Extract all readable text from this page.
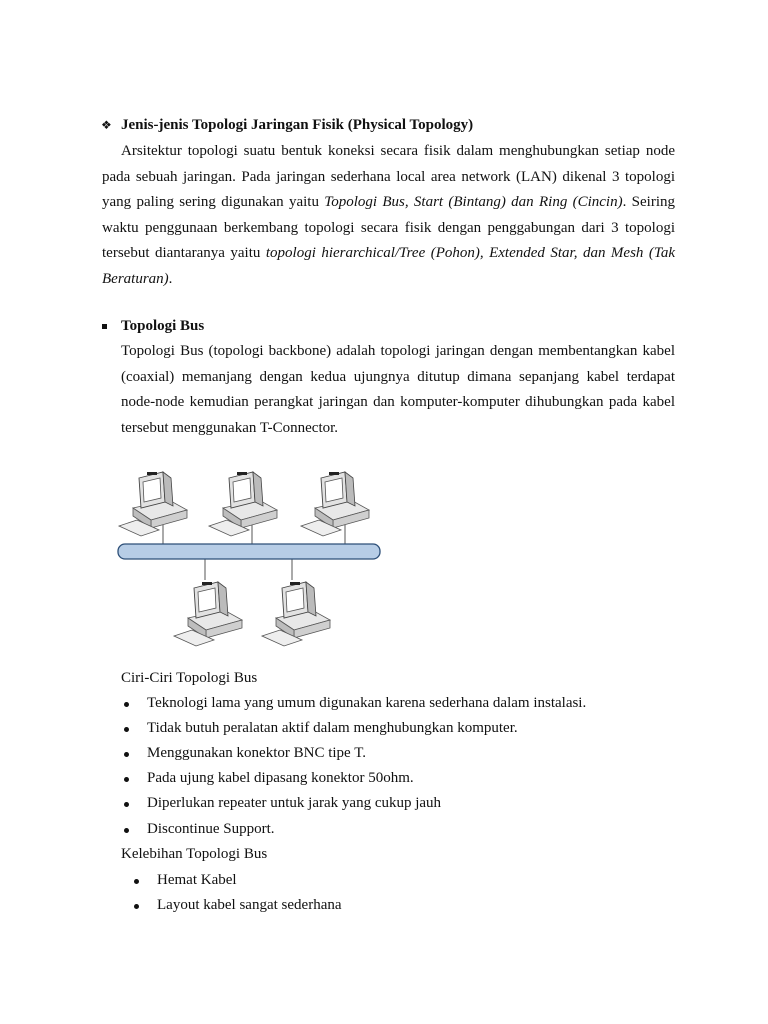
❖ Jenis-jenis Topologi Jaringan Fisik (Physical Topology)
Arsitektur topologi suatu bentuk koneksi secara fisik dalam menghubungkan setiap node pada sebuah jaringan. Pada jaringan sederhana local area network (LAN) dikenal 3 topologi yang paling sering digunakan yaitu Topologi Bus, Start (Bintang) dan Ring (Cincin). Seiring waktu penggunaan berkembang topologi secara fisik dengan penggabungan dari 3 topologi tersebut diantaranya yaitu topologi hierarchical/Tree (Pohon), Extended Star, dan Mesh (Tak Beraturan).
Topologi Bus
Topologi Bus (topologi backbone) adalah topologi jaringan dengan membentangkan kabel (coaxial) memanjang dengan kedua ujungnya ditutup dimana sepanjang kabel terdapat node-node kemudian perangkat jaringan dan komputer-komputer dihubungkan pada kabel tersebut menggunakan T-Connector.
Ciri-Ciri Topologi Bus
Teknologi lama yang umum digunakan karena sederhana dalam instalasi.
Tidak butuh peralatan aktif dalam menghubungkan komputer.
Menggunakan konektor BNC tipe T.
Pada ujung kabel dipasang konektor 50ohm.
Diperlukan repeater untuk jarak yang cukup jauh
Discontinue Support.
Kelebihan Topologi Bus
Hemat Kabel
Layout kabel sangat sederhana
